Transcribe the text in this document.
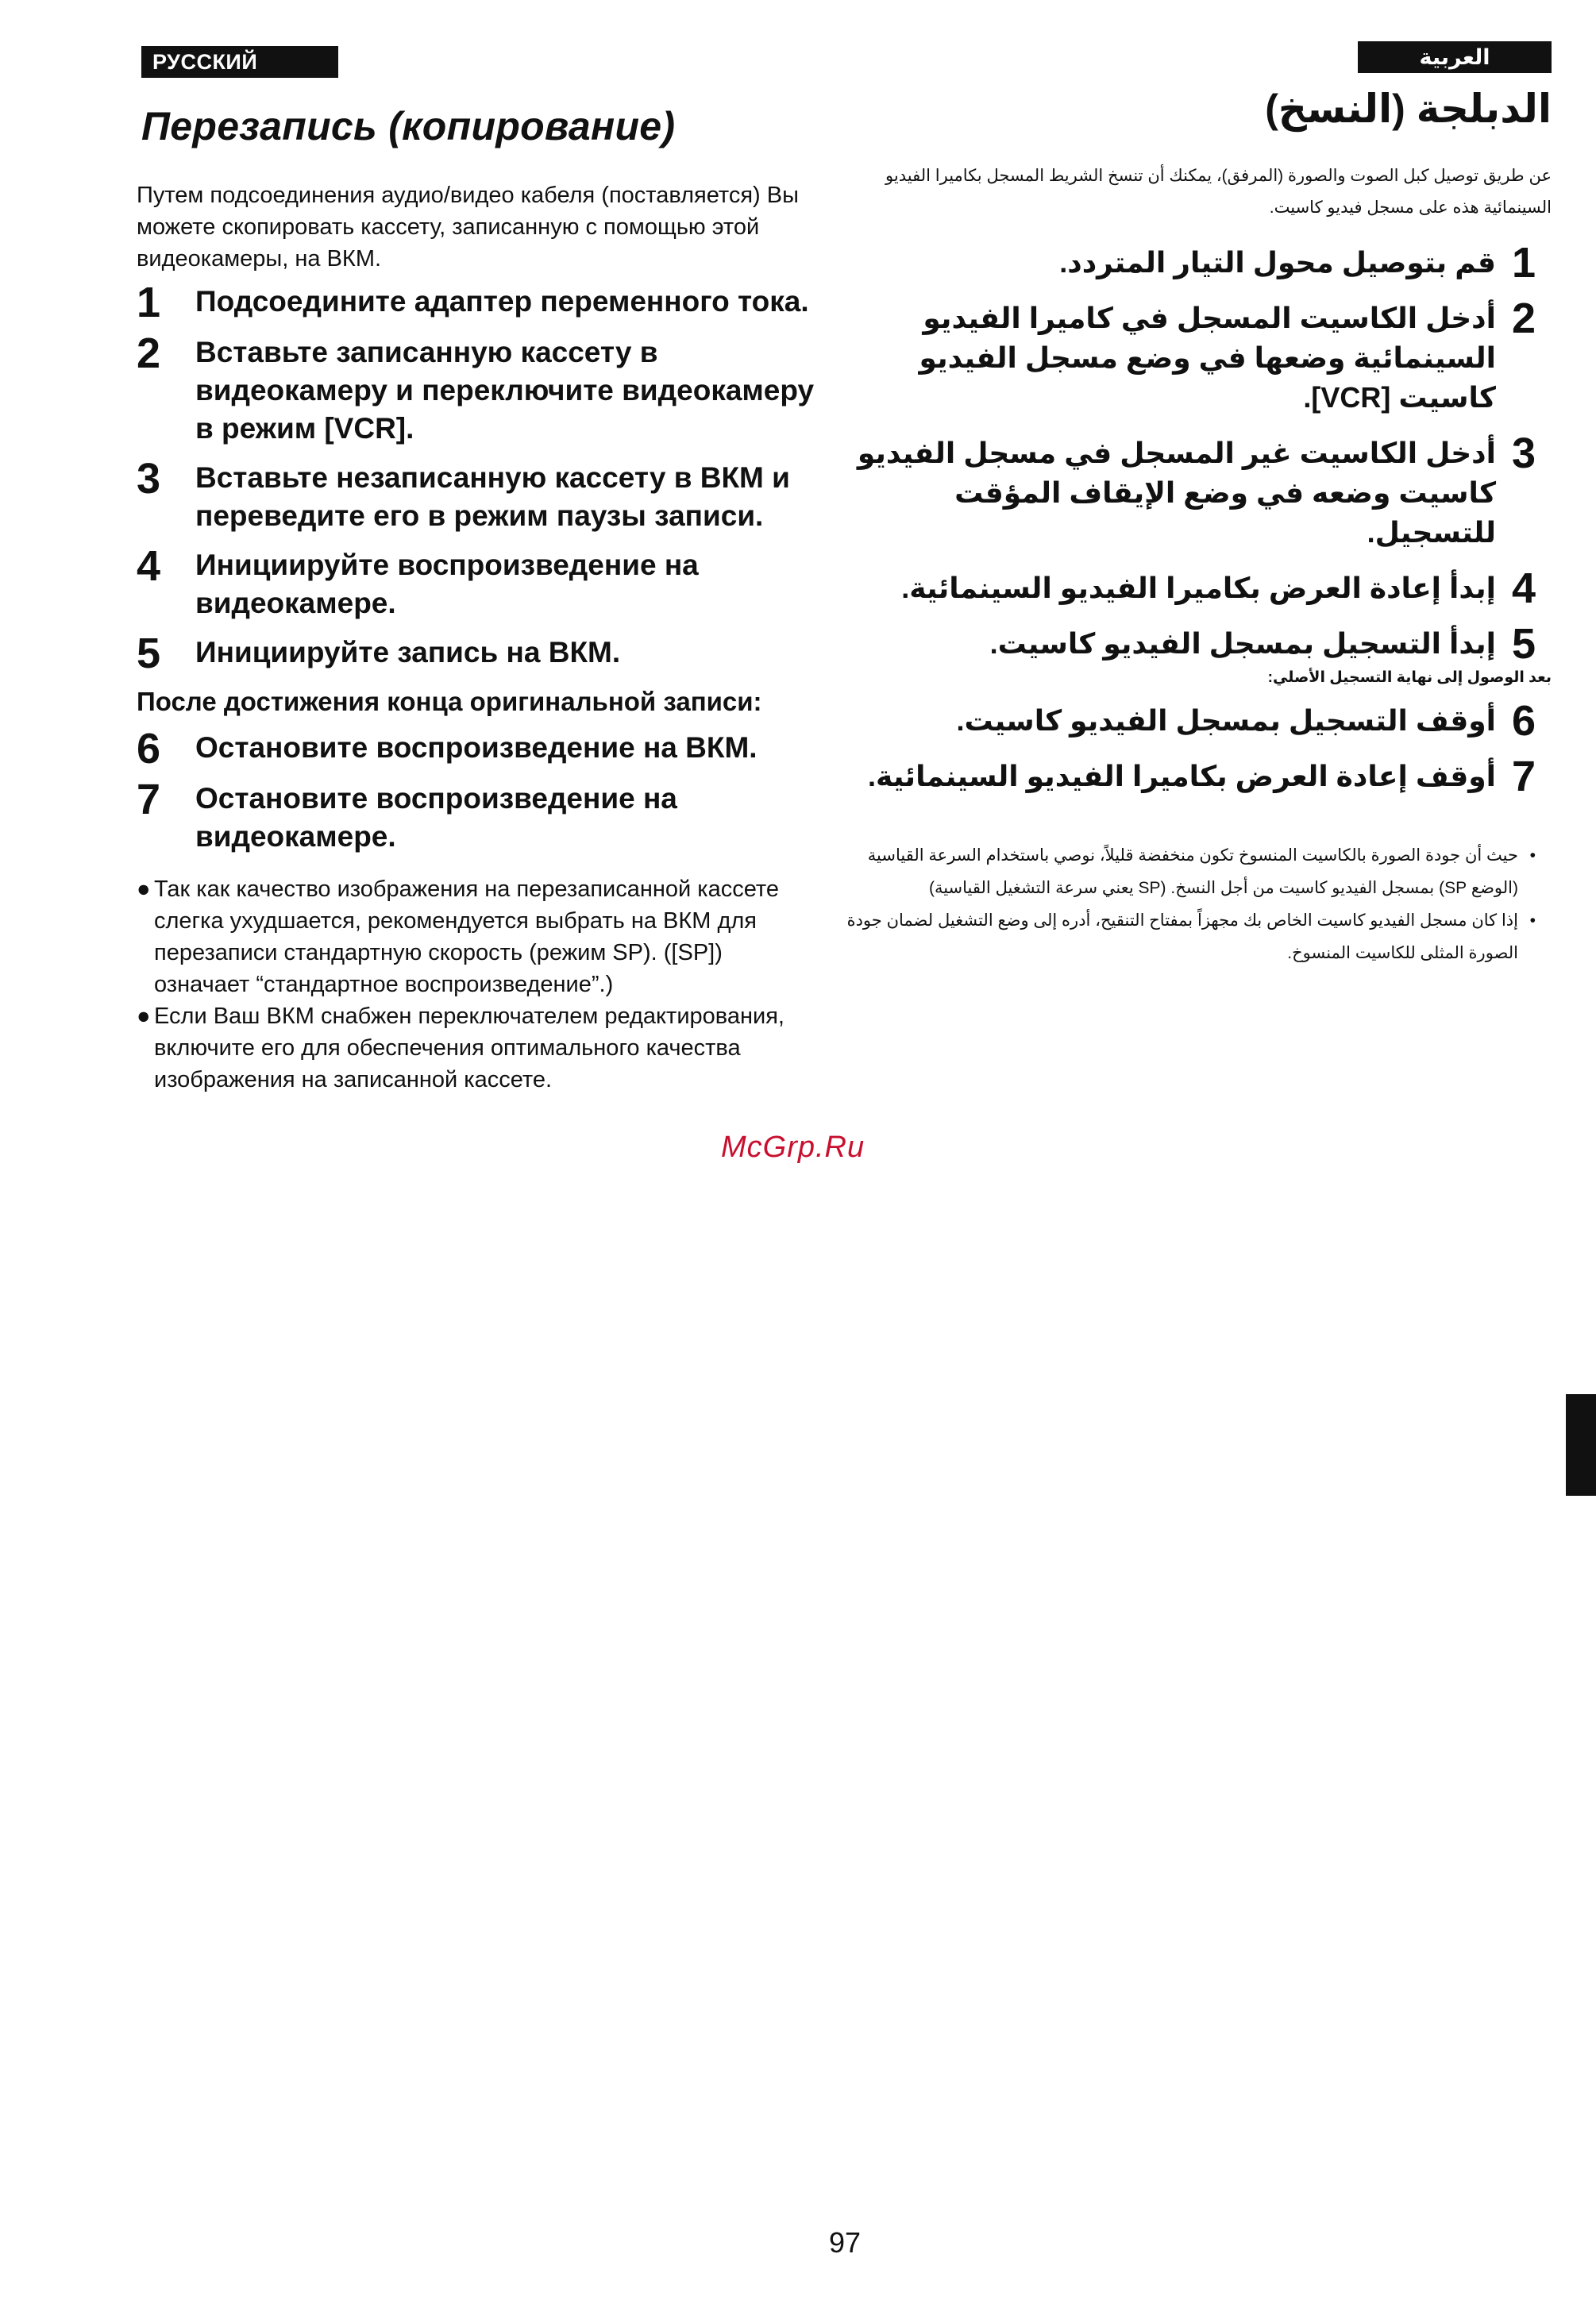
РУССКИЙ ЯЗЫК
العربية
Перезапись (копирование)
Путем подсоединения аудио/видео кабеля (поставляется) Вы можете скопировать кассету, записанную с помощью этой видеокамеры, на ВКМ.
1	Подсоедините адаптер переменного тока.
2	Вставьте записанную кассету в видеокамеру и переключите видеокамеру в режим [VCR].
3	Вставьте незаписанную кассету в ВКМ и переведите его в режим паузы записи.
4	Инициируйте воспроизведение на видеокамере.
5	Инициируйте запись на ВКМ.
После достижения конца оригинальной записи:
6	Остановите воспроизведение на ВКМ.
7	Остановите воспроизведение на видеокамере.
● Так как качество изображения на перезаписанной кассете слегка ухудшается, рекомендуется выбрать на ВКМ для перезаписи стандартную скорость (режим SP). ([SP]) означает “стандартное воспроизведение”.)
● Если Ваш ВКМ снабжен переключателем редактирования, включите его для обеспечения оптимального качества изображения на записанной кассете.
الدبلجة (النسخ)
عن طريق توصيل كبل الصوت والصورة (المرفق)، يمكنك أن تنسخ الشريط المسجل بكاميرا الفيديو السينمائية هذه على مسجل فيديو كاسيت.
1
قم بتوصيل محول التيار المتردد.
2
أدخل الكاسيت المسجل في كاميرا الفيديو السينمائية وضعها في وضع مسجل الفيديو كاسيت [VCR].
3
أدخل الكاسيت غير المسجل في مسجل الفيديو كاسيت وضعه في وضع الإيقاف المؤقت للتسجيل.
4
إبدأ إعادة العرض بكاميرا الفيديو السينمائية.
5
إبدأ التسجيل بمسجل الفيديو كاسيت.
بعد الوصول إلى نهاية التسجيل الأصلي:
6
أوقف التسجيل بمسجل الفيديو كاسيت.
7
أوقف إعادة العرض بكاميرا الفيديو السينمائية.
•
حيث أن جودة الصورة بالكاسيت المنسوخ تكون منخفضة قليلاً، نوصي باستخدام السرعة القياسية (الوضع SP) بمسجل الفيديو كاسيت من أجل النسخ. (SP يعني سرعة التشغيل القياسية)
•
إذا كان مسجل الفيديو كاسيت الخاص بك مجهزاً بمفتاح التنقيح، أدره إلى وضع التشغيل لضمان جودة الصورة المثلى للكاسيت المنسوخ.
McGrp.Ru
97
